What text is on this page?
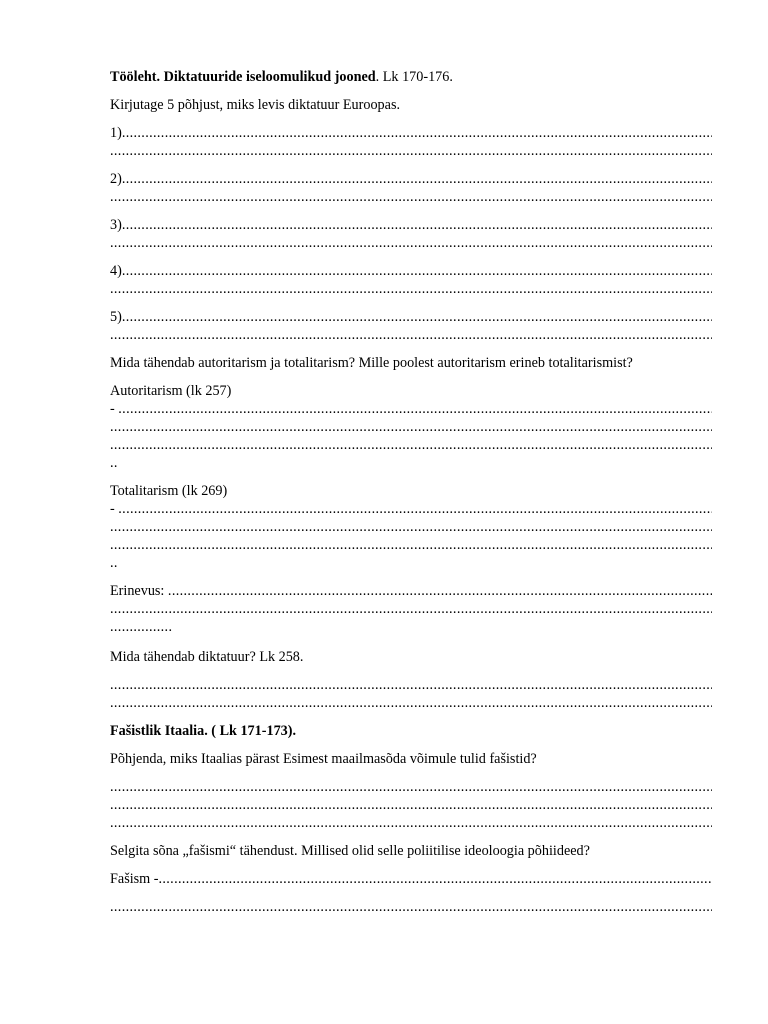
Tööleht. Diktatuuride iseloomulikud jooned. Lk 170-176.
Kirjutage 5 põhjust, miks levis diktatuur Euroopas.
1)
.....
.....
2)
.....
.....
3)
.....
.....
4)
.....
.....
5)
.....
.....
Mida tähendab autoritarism ja totalitarism? Mille poolest autoritarism erineb totalitarismist?
Autoritarism (lk 257)
-
.....
.....
.....
..
Totalitarism (lk 269)
-
.....
.....
.....
..
Erinevus:
.....
.....
................
Mida tähendab diktatuur? Lk 258.
.....
.....
Fašistlik Itaalia. ( Lk 171-173).
Põhjenda, miks Itaalias pärast Esimest maailmasõda võimule tulid fašistid?
.....
.....
.....
Selgita sõna „fašismi“ tähendust. Millised olid selle poliitilise ideoloogia põhiideed?
Fašism -
.....
.....
